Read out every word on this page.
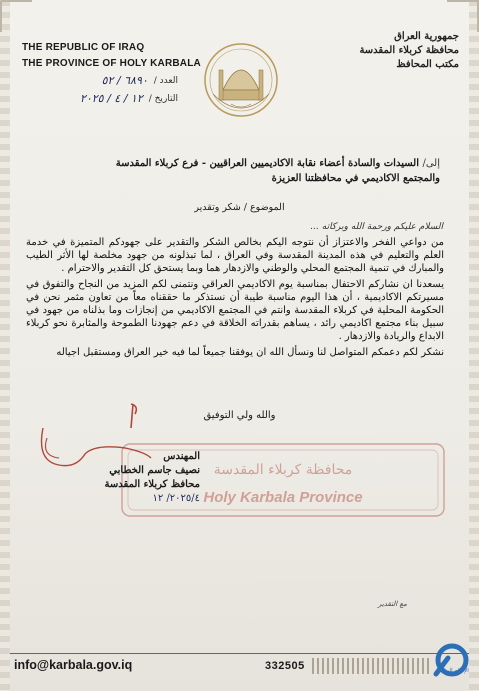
THE REPUBLIC OF IRAQ
THE PROVINCE OF HOLY KARBALA
العدد /
٦٨٩٠ / ٥٢
التاريخ /
١٢ / ٤ / ٢٠٢٥
جمهورية العراق
محافظة كربلاء المقدسة
مكتب المحافظ
إلى/ السيدات والسادة أعضاء نقابة الاكاديميين العراقيين - فرع كربلاء المقدسة
والمجتمع الاكاديمي في محافظتنا العزيزة
الموضوع / شكر وتقدير
السلام عليكم ورحمة الله وبركاته ...

من دواعي الفخر والاعتزاز أن نتوجه اليكم بخالص الشكر والتقدير على جهودكم المتميزة في خدمة العلم والتعليم في هذه المدينة المقدسة وفي العراق ، لما تبذلونه من جهود مخلصة لها الأثر الطيب والمبارك في تنمية المجتمع المحلي والوطني والازدهار هما وبما يستحق كل التقدير والاحترام .

يسعدنا ان نشاركم الاحتفال بمناسبة يوم الاكاديمي العراقي ونتمنى لكم المزيد من النجاح والتفوق في مسيرتكم الاكاديمية ، أن هذا اليوم مناسبة طيبة أن نستذكر ما حققناه معاً من تعاون مثمر نحن في الحكومة المحلية في كربلاء المقدسة وانتم في المجتمع الاكاديمي من إنجازات وما بذلناه من جهود في سبيل بناء مجتمع اكاديمي رائد ، يساهم بقدراته الخلاقة في دعم جهودنا الطموحة والمثابرة نحو كربلاء الابداع والريادة والازدهار .

نشكر لكم دعمكم المتواصل لنا ونسأل الله ان يوفقنا جميعاً لما فيه خير العراق ومستقبل اجياله

والله ولي التوفيق
محافظة كربلاء المقدسة
Holy Karbala Province
المهندس
نصيف جاسم الخطابي
محافظ كربلاء المقدسة
٢٠٢٥/٤/ ١٢
مع التقدير
info@karbala.gov.iq	332505	الإعلام الرقمي
